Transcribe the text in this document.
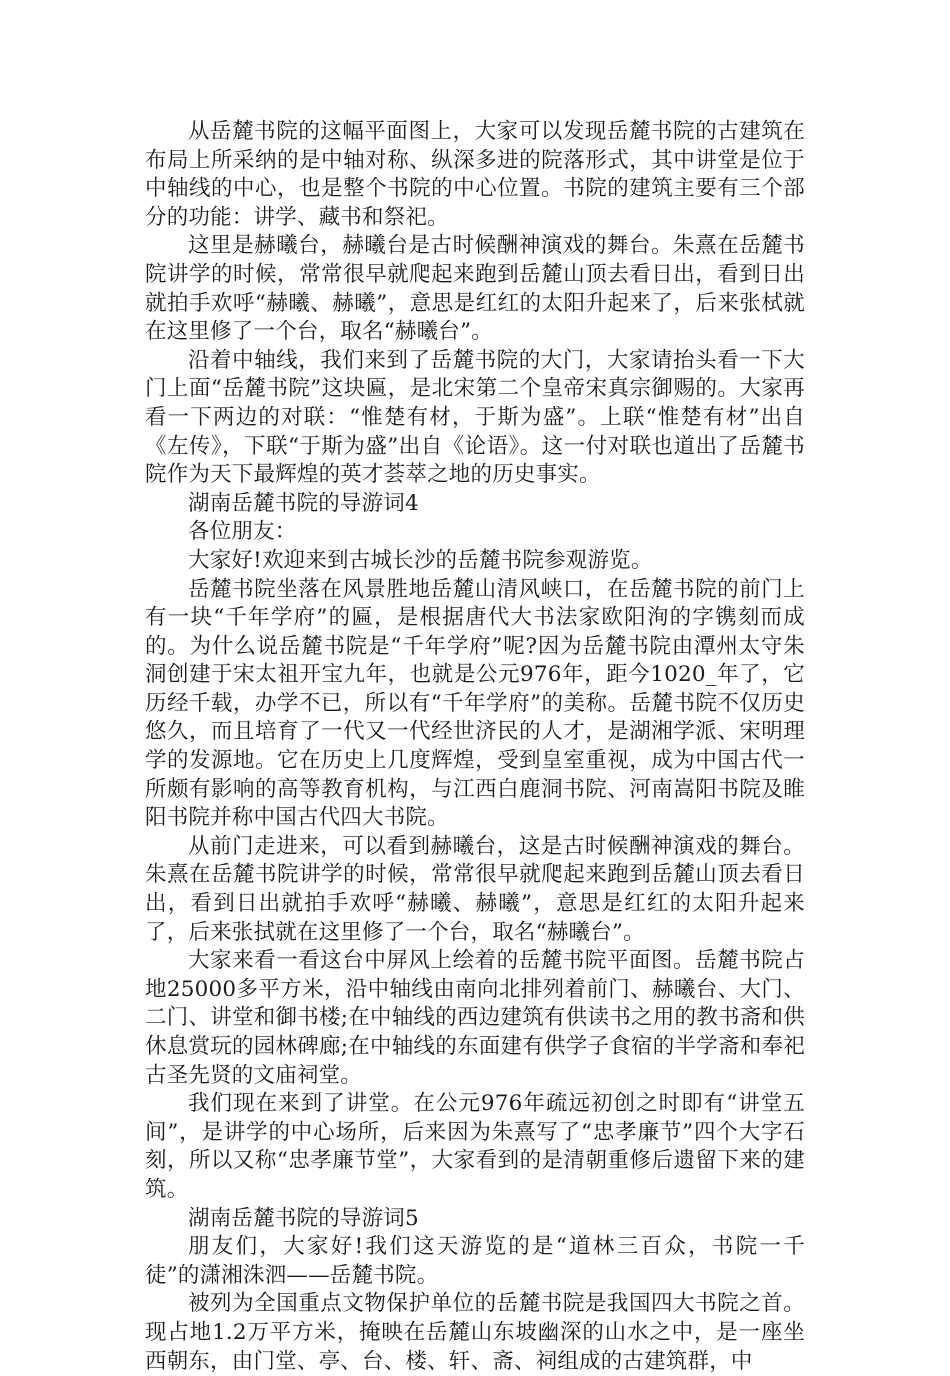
从岳麓书院的这幅平面图上，大家可以发现岳麓书院的古建筑在布局上所采纳的是中轴对称、纵深多进的院落形式，其中讲堂是位于中轴线的中心，也是整个书院的中心位置。书院的建筑主要有三个部分的功能：讲学、藏书和祭祀。

这里是赫曦台，赫曦台是古时候酬神演戏的舞台。朱熹在岳麓书院讲学的时候，常常很早就爬起来跑到岳麓山顶去看日出，看到日出就拍手欢呼“赫曦、赫曦”，意思是红红的太阳升起来了，后来张栻就在这里修了一个台，取名“赫曦台”。

沿着中轴线，我们来到了岳麓书院的大门，大家请抬头看一下大门上面“岳麓书院”这块匾，是北宋第二个皇帝宋真宗御赐的。大家再看一下两边的对联：“惟楚有材，于斯为盛”。上联“惟楚有材”出自《左传》，下联“于斯为盛”出自《论语》。这一付对联也道出了岳麓书院作为天下最辉煌的英才荟萃之地的历史事实。

湖南岳麓书院的导游词4

各位朋友：

大家好!欢迎来到古城长沙的岳麓书院参观游览。

岳麓书院坐落在风景胜地岳麓山清风峡口，在岳麓书院的前门上有一块“千年学府”的匾，是根据唐代大书法家欧阳洵的字镌刻而成的。为什么说岳麓书院是“千年学府”呢?因为岳麓书院由潭州太守朱洞创建于宋太祖开宝九年，也就是公元976年，距今1020_年了，它历经千载，办学不已，所以有“千年学府”的美称。岳麓书院不仅历史悠久，而且培育了一代又一代经世济民的人才，是湖湘学派、宋明理学的发源地。它在历史上几度辉煌，受到皇室重视，成为中国古代一所颇有影响的高等教育机构，与江西白鹿洞书院、河南嵩阳书院及睢阳书院并称中国古代四大书院。

从前门走进来，可以看到赫曦台，这是古时候酬神演戏的舞台。朱熹在岳麓书院讲学的时候，常常很早就爬起来跑到岳麓山顶去看日出，看到日出就拍手欢呼“赫曦、赫曦”，意思是红红的太阳升起来了，后来张拭就在这里修了一个台，取名“赫曦台”。

大家来看一看这台中屏风上绘着的岳麓书院平面图。岳麓书院占地25000多平方米，沿中轴线由南向北排列着前门、赫曦台、大门、二门、讲堂和御书楼;在中轴线的西边建筑有供读书之用的教书斋和供休息赏玩的园林碑廊;在中轴线的东面建有供学子食宿的半学斋和奉祀古圣先贤的文庙祠堂。

我们现在来到了讲堂。在公元976年疏远初创之时即有“讲堂五间”，是讲学的中心场所，后来因为朱熹写了“忠孝廉节”四个大字石刻，所以又称“忠孝廉节堂”，大家看到的是清朝重修后遗留下来的建筑。

湖南岳麓书院的导游词5

朋友们，大家好!我们这天游览的是“道林三百众，书院一千徒”的潇湘洙泗——岳麓书院。

被列为全国重点文物保护单位的岳麓书院是我国四大书院之首。现占地1.2万平方米，掩映在岳麓山东坡幽深的山水之中，是一座坐西朝东，由门堂、亭、台、楼、轩、斋、祠组成的古建筑群，中
